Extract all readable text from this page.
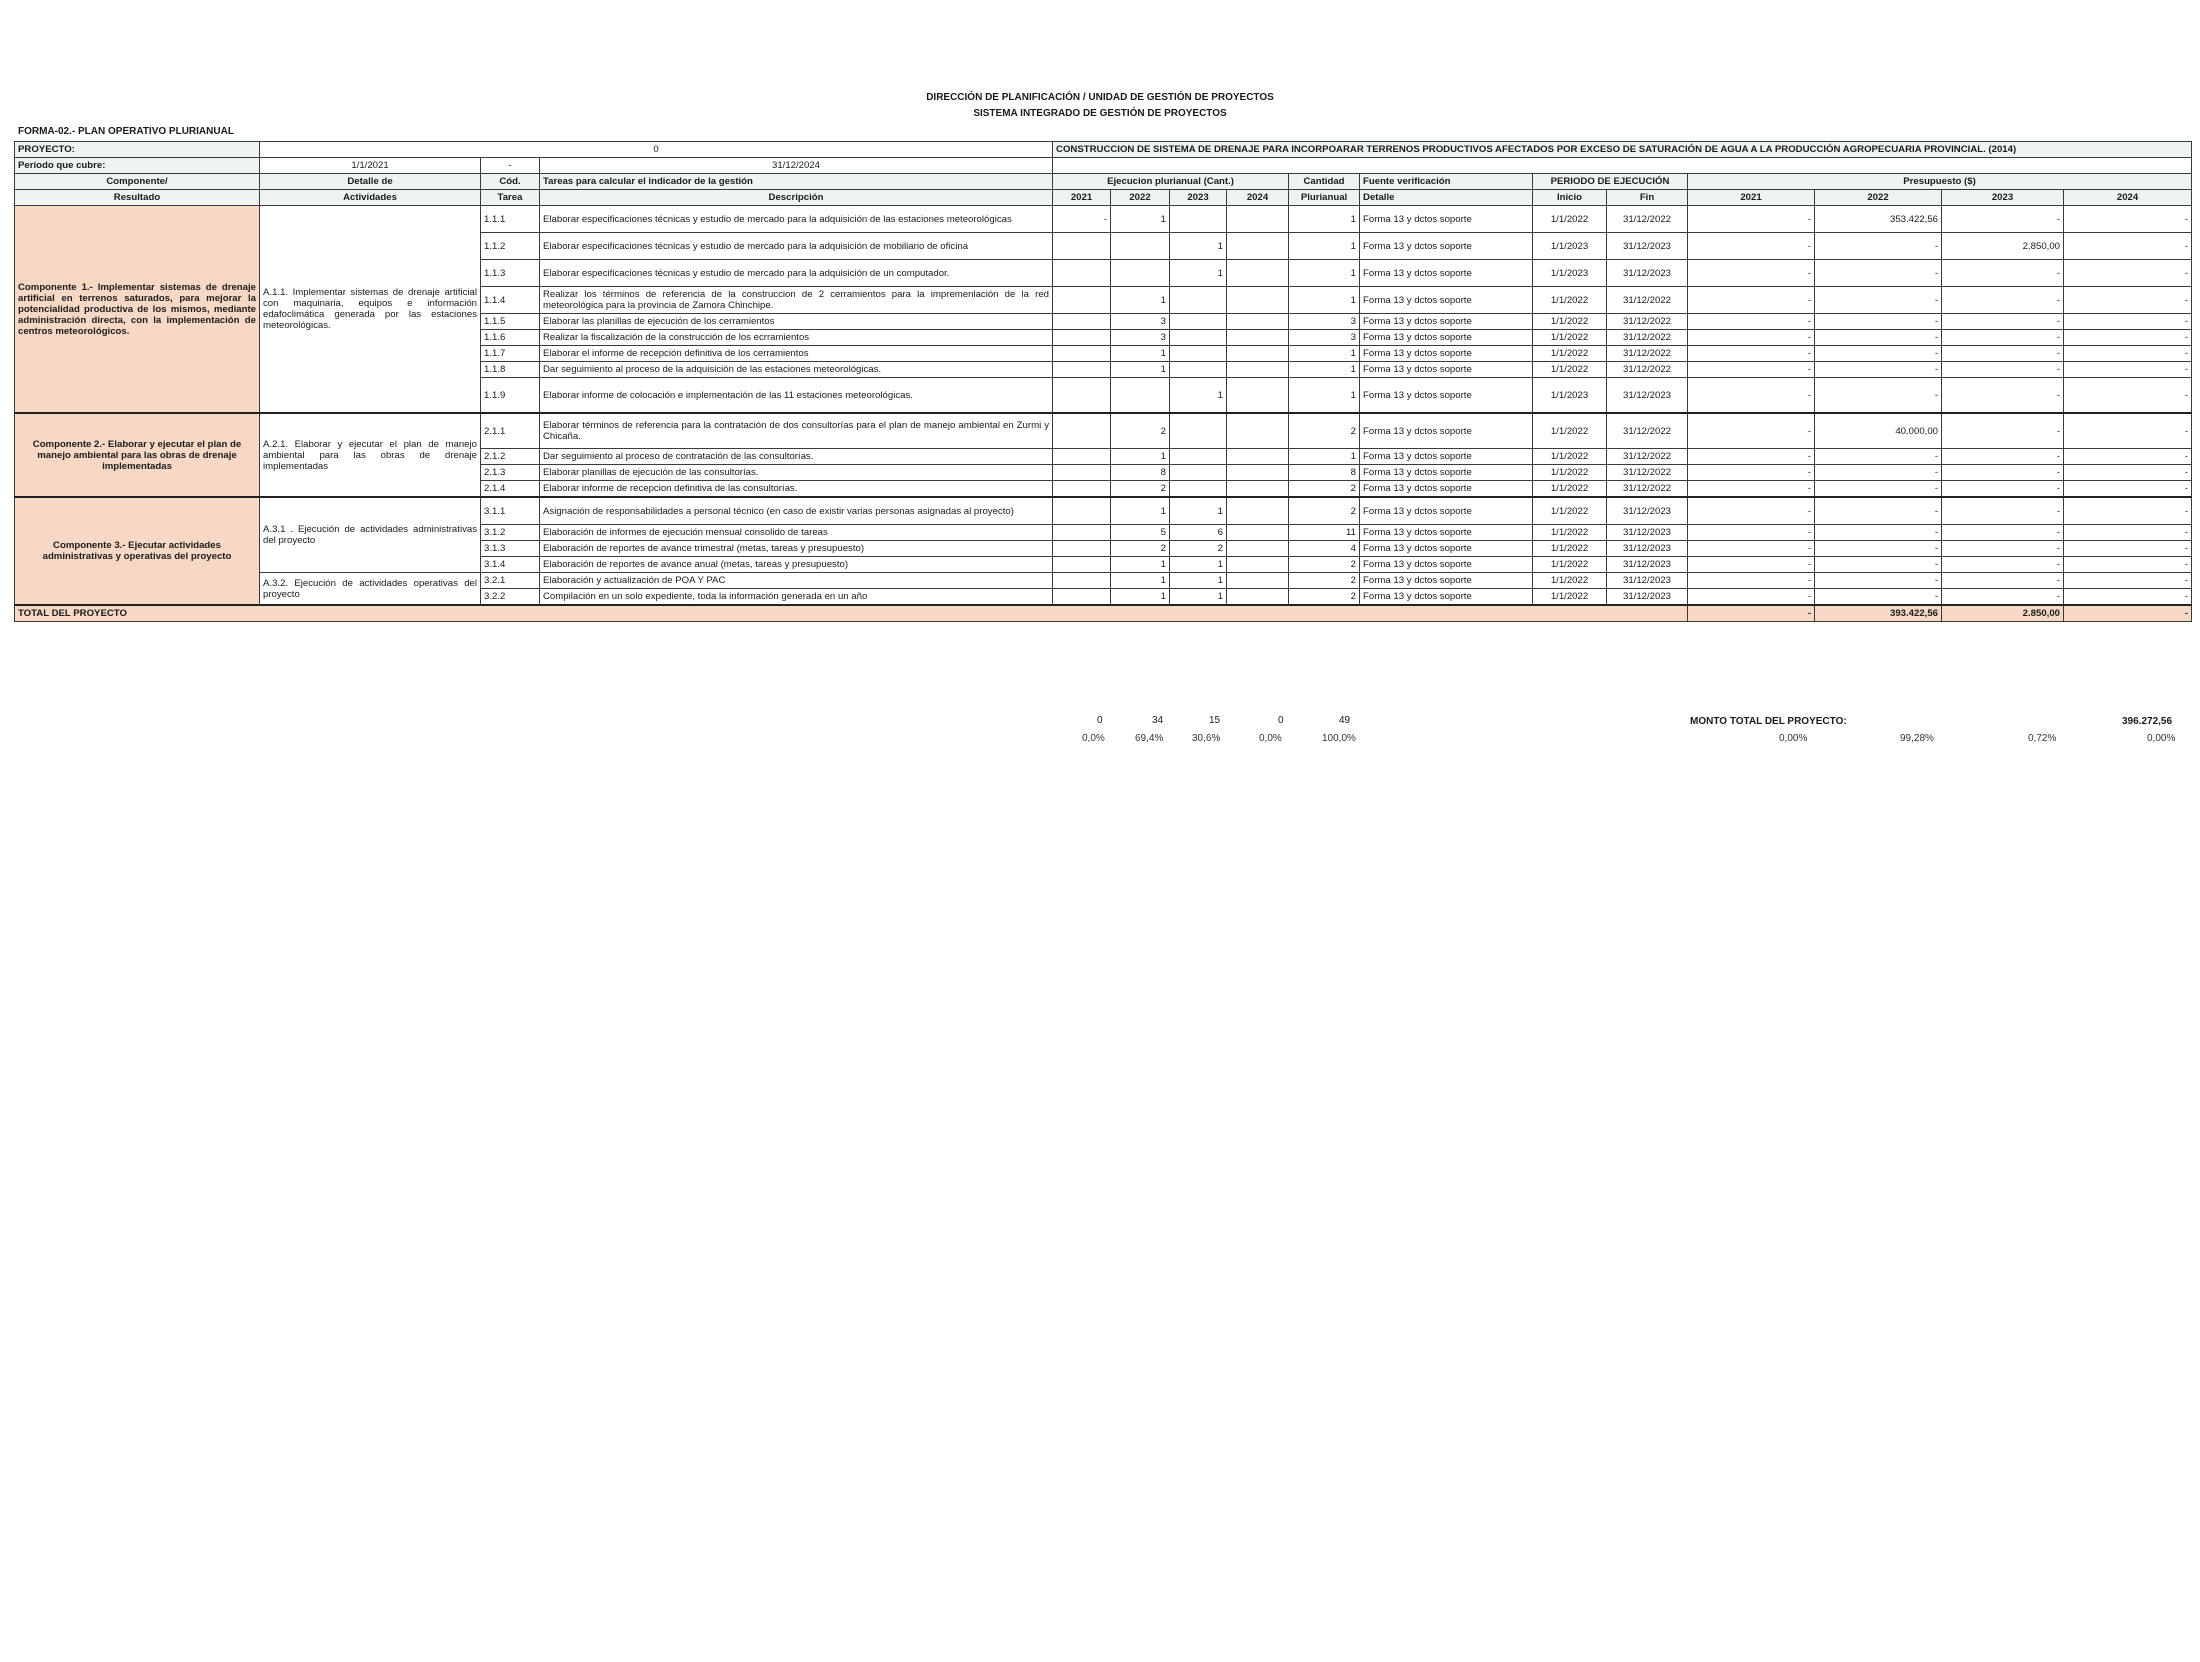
DIRECCIÓN DE PLANIFICACIÓN / UNIDAD DE GESTIÓN DE PROYECTOS
SISTEMA INTEGRADO DE GESTIÓN DE PROYECTOS
FORMA-02.- PLAN OPERATIVO PLURIANUAL
PROYECTO:	0			CONSTRUCCION DE SISTEMA DE DRENAJE PARA INCORPOARAR TERRENOS PRODUCTIVOS AFECTADOS POR EXCESO DE SATURACIÓN DE AGUA A LA PRODUCCIÓN AGROPECUARIA PROVINCIAL. (2014)											
Período que cubre:	1/1/2021	-	31/12/2024												
Componente/	Detalle de	Cód.	Tareas para calcular el indicador de la gestión	Ejecucion plurianual (Cant.)				Cantidad	Fuente verificación	PERIODO DE EJECUCIÓN		Presupuesto ($)			
Resultado	Actividades	Tarea	Descripción	2021	2022	2023	2024	Plurianual	Detalle	Inicio	Fin	2021	2022	2023	2024
Componente 1.- Implementar sistemas de drenaje artificial en terrenos saturados, para mejorar la potencialidad productiva de los mismos, mediante administración directa, con la implementación de centros meteorológicos.	A.1.1. Implementar sistemas de drenaje artificial con maquinaria, equipos e información edafoclimática generada por las estaciones meteorológicas.	1.1.1	Elaborar especificaciones técnicas y estudio de mercado para la adquisición de las estaciones meteorológicas	-	1			1	Forma 13 y dctos soporte	1/1/2022	31/12/2022	-	353.422,56	-	-
		1.1.2	Elaborar especificaciones técnicas y estudio de mercado para la adquisición de mobiliario de oficina			1		1	Forma 13 y dctos soporte	1/1/2023	31/12/2023	-	-	2.850,00	-
		1.1.3	Elaborar especificaciones técnicas y estudio de mercado para la adquisición de un computador.			1		1	Forma 13 y dctos soporte	1/1/2023	31/12/2023	-	-	-	-
		1.1.4	Realizar los términos de referencia de la construccion de 2 cerramientos para la impremenlación de la red meteorológica para la provincia de Zamora Chinchipe.		1			1	Forma 13 y dctos soporte	1/1/2022	31/12/2022	-	-	-	-
		1.1.5	Elaborar las planillas de ejecución de los cerramientos		3			3	Forma 13 y dctos soporte	1/1/2022	31/12/2022	-	-	-	-
		1.1.6	Realizar la fiscalización de la construcción de los ecrramientos		3			3	Forma 13 y dctos soporte	1/1/2022	31/12/2022	-	-	-	-
		1.1.7	Elaborar el informe de recepción definitiva de los cerramientos		1			1	Forma 13 y dctos soporte	1/1/2022	31/12/2022	-	-	-	-
		1.1.8	Dar seguimiento al proceso de la adquisición de las estaciones meteorológicas.		1			1	Forma 13 y dctos soporte	1/1/2022	31/12/2022	-	-	-	-
		1.1.9	Elaborar informe de colocación e implementación de las 11 estaciones meteorológicas.			1		1	Forma 13 y dctos soporte	1/1/2023	31/12/2023	-	-	-	-
Componente 2.- Elaborar y ejecutar el plan de manejo ambiental para las obras de drenaje implementadas	A.2.1. Elaborar y ejecutar el plan de manejo ambiental para las obras de drenaje implementadas	2.1.1	Elaborar términos de referencia para la contratación de dos consultorías para el plan de manejo ambiental en Zurmi y Chicaña.		2			2	Forma 13 y dctos soporte	1/1/2022	31/12/2022	-	40.000,00	-	-
		2.1.2	Dar seguimiento al proceso de contratación de las consultorías.		1			1	Forma 13 y dctos soporte	1/1/2022	31/12/2022	-	-	-	-
		2.1.3	Elaborar planillas de ejecución de las consultorías.		8			8	Forma 13 y dctos soporte	1/1/2022	31/12/2022	-	-	-	-
		2.1.4	Elaborar informe de recepcion definitiva de las consultorías.		2			2	Forma 13 y dctos soporte	1/1/2022	31/12/2022	-	-	-	-
Componente 3.- Ejecutar actividades administrativas y operativas del proyecto	A.3.1 . Ejecución de actividades administrativas del proyecto	3.1.1	Asignación de responsabilidades a personal técnico (en caso de existir varias personas asignadas al proyecto)		1	1		2	Forma 13 y dctos soporte	1/1/2022	31/12/2023	-	-	-	-
		3.1.2	Elaboración de informes de ejecución mensual consolido de tareas		5	6		11	Forma 13 y dctos soporte	1/1/2022	31/12/2023	-	-	-	-
		3.1.3	Elaboración de reportes de avance trimestral (metas, tareas y presupuesto)		2	2		4	Forma 13 y dctos soporte	1/1/2022	31/12/2023	-	-	-	-
		3.1.4	Elaboración de reportes de avance anual (metas, tareas y presupuesto)		1	1		2	Forma 13 y dctos soporte	1/1/2022	31/12/2023	-	-	-	-
	A.3.2. Ejecución de actividades operativas del proyecto	3.2.1	Elaboración y actualización de POA Y PAC		1	1		2	Forma 13 y dctos soporte	1/1/2022	31/12/2023	-	-	-	-
		3.2.2	Compilación en un solo expediente, toda la información generada en un año		1	1		2	Forma 13 y dctos soporte	1/1/2022	31/12/2023	-	-	-	-
TOTAL DEL PROYECTO												-	393.422,56	2.850,00	-
0	34	15	0	49
0,0%	69,4%	30,6%	0,0%	100,0%
MONTO TOTAL DEL PROYECTO:	396.272,56
0,00%	99,28%	0,72%	0,00%
